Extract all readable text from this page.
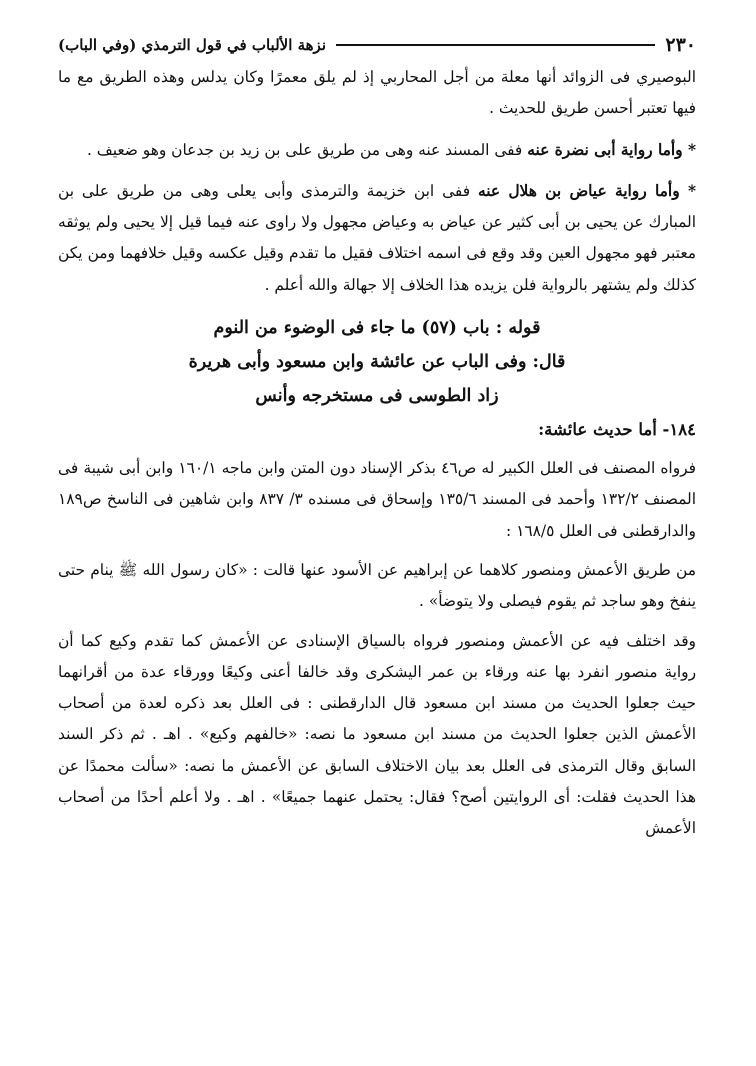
٢٣٠
نزهة الألباب في قول الترمذي (وفي الباب)

البوصيري فى الزوائد أنها معلة من أجل المحاربي إذ لم يلق معمرًا وكان يدلس وهذه الطريق مع ما فيها تعتبر أحسن طريق للحديث .

* وأما رواية أبى نضرة عنه ففى المسند عنه وهى من طريق على بن زيد بن جدعان وهو ضعيف .

* وأما رواية عياض بن هلال عنه ففى ابن خزيمة والترمذى وأبى يعلى وهى من طريق على بن المبارك عن يحيى بن أبى كثير عن عياض به وعياض مجهول ولا راوى عنه فيما قيل إلا يحيى ولم يوثقه معتبر فهو مجهول العين وقد وقع فى اسمه اختلاف فقيل ما تقدم وقيل عكسه وقيل خلافهما ومن يكن كذلك ولم يشتهر بالرواية فلن يزيده هذا الخلاف إلا جهالة والله أعلم .

قوله : باب (٥٧) ما جاء فى الوضوء من النوم

قال: وفى الباب عن عائشة وابن مسعود وأبى هريرة

زاد الطوسى فى مستخرجه وأنس

١٨٤- أما حديث عائشة:

فرواه المصنف فى العلل الكبير له ص٤٦ بذكر الإسناد دون المتن وابن ماجه ١٦٠/١ وابن أبى شيبة فى المصنف ١٣٢/٢ وأحمد فى المسند ١٣٥/٦ وإسحاق فى مسنده ٣/ ٨٣٧ وابن شاهين فى الناسخ ص١٨٩ والدارقطنى فى العلل ١٦٨/٥ :

من طريق الأعمش ومنصور كلاهما عن إبراهيم عن الأسود عنها قالت : «كان رسول الله ﷺ ينام حتى ينفخ وهو ساجد ثم يقوم فيصلى ولا يتوضأ» .

وقد اختلف فيه عن الأعمش ومنصور فرواه بالسياق الإسنادى عن الأعمش كما تقدم وكيع كما أن رواية منصور انفرد بها عنه ورقاء بن عمر اليشكرى وقد خالفا أعنى وكيعًا وورقاء عدة من أقرانهما حيث جعلوا الحديث من مسند ابن مسعود قال الدارقطنى : فى العلل بعد ذكره لعدة من أصحاب الأعمش الذين جعلوا الحديث من مسند ابن مسعود ما نصه: «خالفهم وكيع» . اهـ . ثم ذكر السند السابق وقال الترمذى فى العلل بعد بيان الاختلاف السابق عن الأعمش ما نصه: «سألت محمدًا عن هذا الحديث فقلت: أى الروايتين أصح؟ فقال: يحتمل عنهما جميعًا» . اهـ . ولا أعلم أحدًا من أصحاب الأعمش
